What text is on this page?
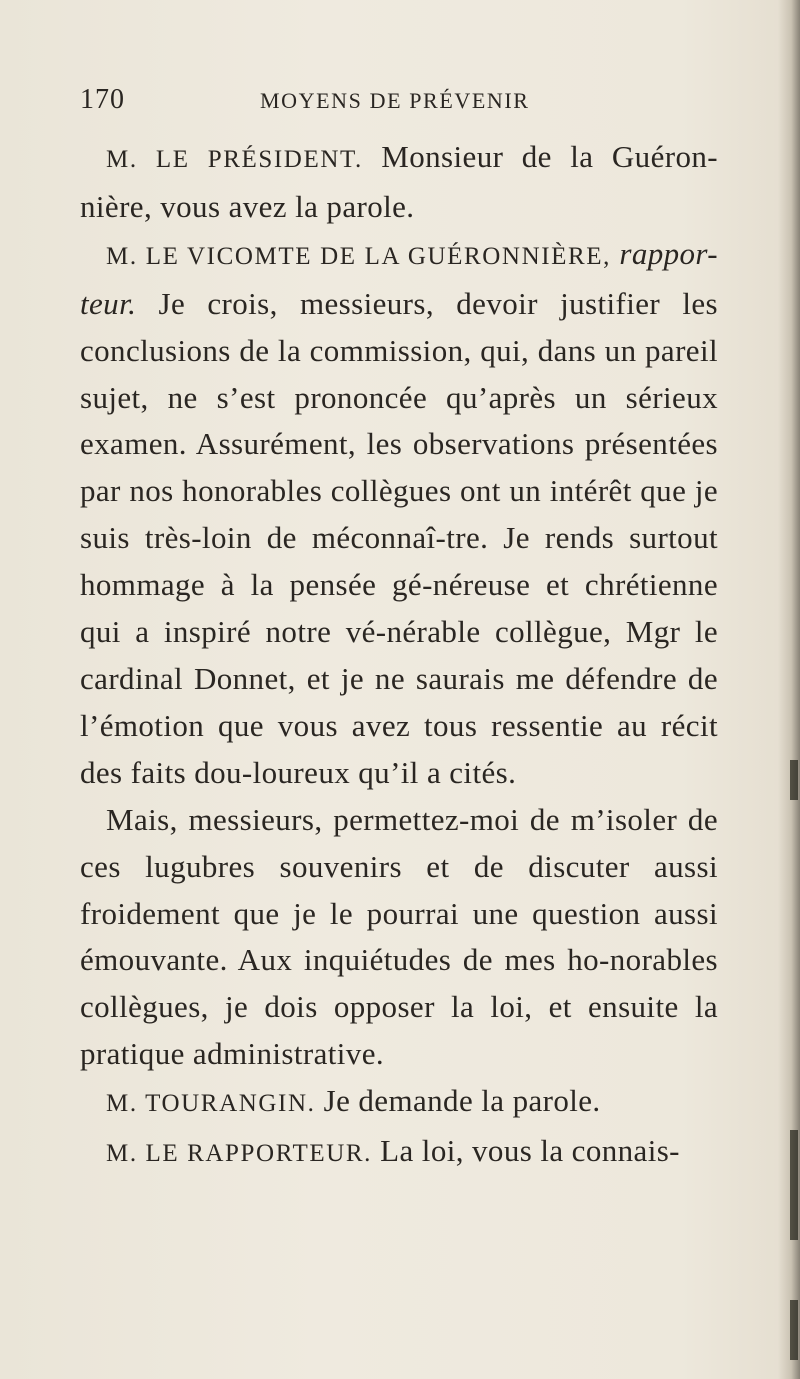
170	MOYENS DE PRÉVENIR

M. LE PRÉSIDENT. Monsieur de la Guéron-nière, vous avez la parole.

M. LE VICOMTE DE LA GUÉRONNIÈRE, rappor-teur. Je crois, messieurs, devoir justifier les conclusions de la commission, qui, dans un pareil sujet, ne s’est prononcée qu’après un sérieux examen. Assurément, les observations présentées par nos honorables collègues ont un intérêt que je suis très-loin de méconnaî-tre. Je rends surtout hommage à la pensée gé-néreuse et chrétienne qui a inspiré notre vé-nérable collègue, Mgr le cardinal Donnet, et je ne saurais me défendre de l’émotion que vous avez tous ressentie au récit des faits dou-loureux qu’il a cités.

Mais, messieurs, permettez-moi de m’isoler de ces lugubres souvenirs et de discuter aussi froidement que je le pourrai une question aussi émouvante. Aux inquiétudes de mes ho-norables collègues, je dois opposer la loi, et ensuite la pratique administrative.

M. TOURANGIN. Je demande la parole.

M. LE RAPPORTEUR. La loi, vous la connais-
